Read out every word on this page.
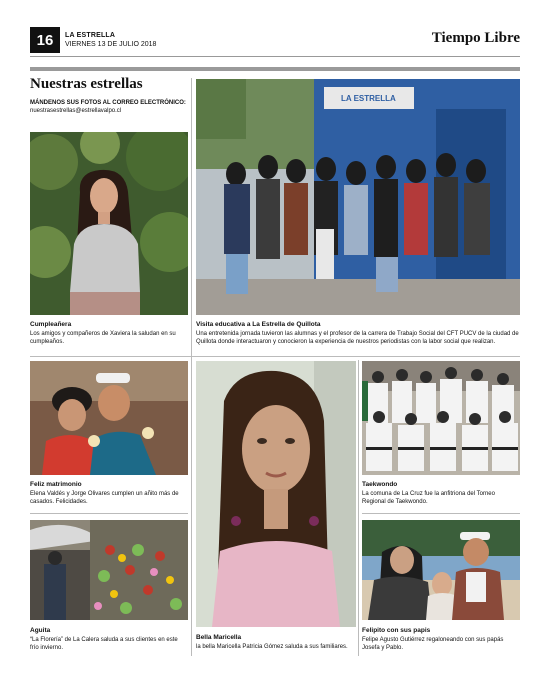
16	LA ESTRELLA
VIERNES 13 DE JULIO 2018	Tiempo Libre
Nuestras estrellas
MÁNDENOS SUS FOTOS AL CORREO ELECTRÓNICO:
nuestrasestrellas@estrellavalpo.cl
Cumpleañera
Los amigos y compañeros de Xaviera la saludan en su cumpleaños.
LA ESTRELLA
Visita educativa a La Estrella de Quillota
Una entretenida jornada tuvieron las alumnas y el profesor de la carrera de Trabajo Social del CFT PUCV de la ciudad de Quillota donde interactuaron y conocieron la experiencia de nuestros periodistas con la labor social que realizan.
Feliz matrimonio
Elena Valdés y Jorge Olivares cumplen un añito más de casados. Felicidades.
Bella Maricella
la bella Maricella Patricia Gómez saluda a sus familiares.
Taekwondo
La comuna de La Cruz fue la anfitriona del Torneo Regional de Taekwondo.
Aguita
“La Florería” de La Calera saluda a sus clientes en este frío invierno.
Felipito con sus papis
Felipe Agusto Gutiérrez regaloneando con sus papás Josefa y Pablo.
